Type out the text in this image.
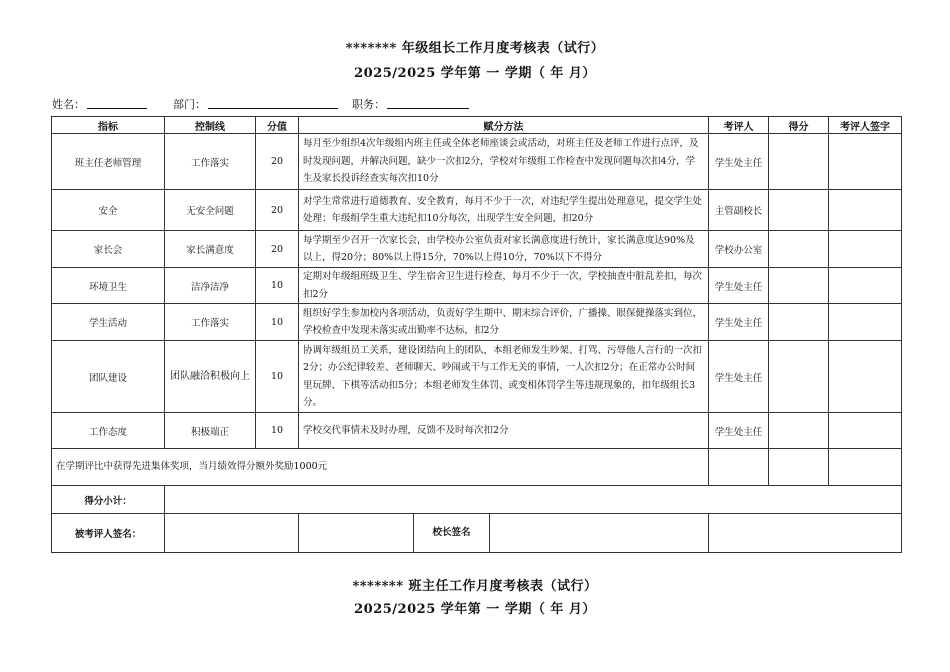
******* 年级组长工作月度考核表（试行）
2025/2025 学年第 一 学期（ 年 月）
姓名：	部门：	职务：
指标	控制线	分值	赋分方法	考评人	得分	考评人签字
班主任老师管理	工作落实	20	每月至少组织4次年级组内班主任或全体老师座谈会或活动，对班主任及老师工作进行点评，及时发现问题，并解决问题，缺少一次扣2分，学校对年级组工作检查中发现问题每次扣4分，学生及家长投诉经查实每次扣10分	学生处主任		
安全	无安全问题	20	对学生常常进行道德教育、安全教育，每月不少于一次，对违纪学生提出处理意见，提交学生处处理；年级组学生重大违纪扣10分每次，出现学生安全问题，扣20分	主管副校长		
家长会	家长满意度	20	每学期至少召开一次家长会，由学校办公室负责对家长满意度进行统计，家长满意度达90%及以上，得20分；80%以上得15分，70%以上得10分，70%以下不得分	学校办公室		
环境卫生	洁净洁净	10	定期对年级组班级卫生、学生宿舍卫生进行检查，每月不少于一次，学校抽查中脏乱差扣，每次扣2分	学生处主任		
学生活动	工作落实	10	组织好学生参加校内各项活动，负责好学生期中、期末综合评价，广播操、眼保健操落实到位，学校检查中发现未落实或出勤率不达标，扣2分	学生处主任		
团队建设	团队融洽积极向上	10	协调年级组员工关系，建设团结向上的团队，本组老师发生吵架、打骂、污辱他人言行的一次扣2分；办公纪律较差、老师聊天、吵闹或干与工作无关的事情，一人次扣2分；在正常办公时间里玩牌、下棋等活动扣5分；本组老师发生体罚、或变相体罚学生等违规现象的，扣年级组长3分。	学生处主任		
工作态度	积极端正	10	学校交代事情未及时办理，反馈不及时每次扣2分	学生处主任		
在学期评比中获得先进集体奖项，当月绩效得分额外奖励1000元						
得分小计：						
被考评人签名：			校长签名			

******* 班主任工作月度考核表（试行）
2025/2025 学年第 一 学期（ 年 月）
